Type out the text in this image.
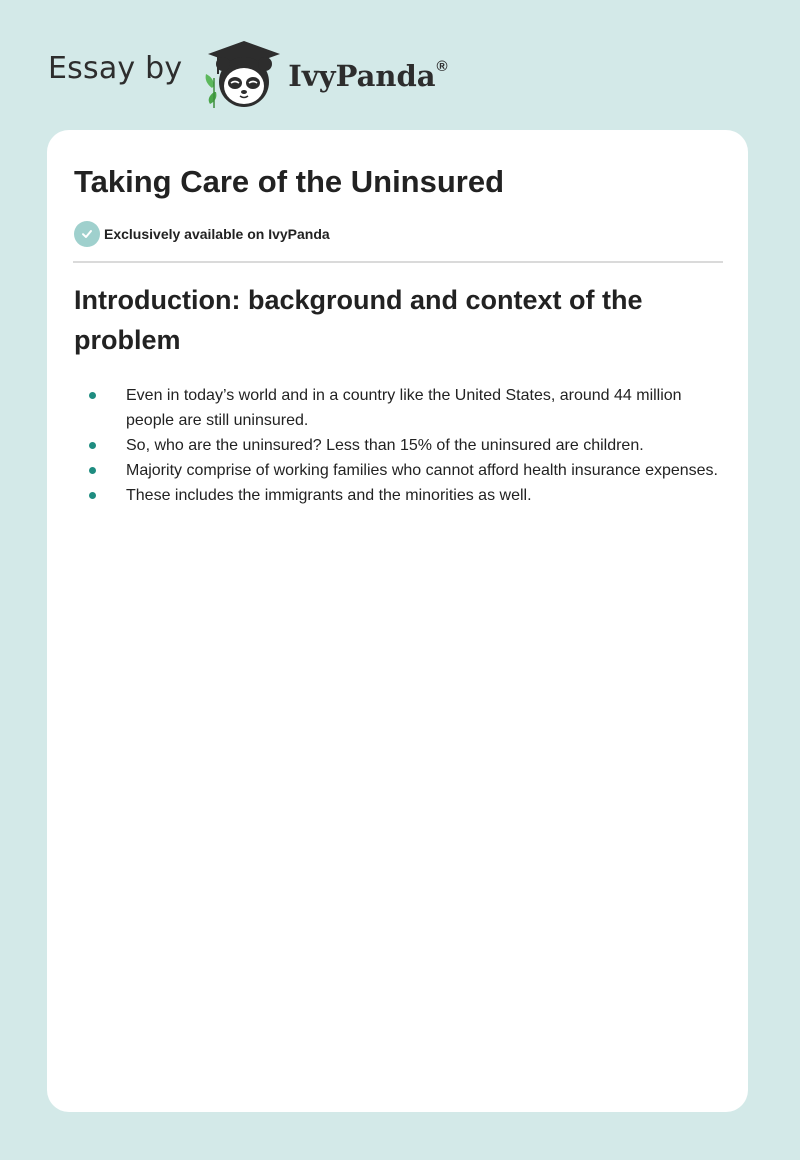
Essay by	IvyPanda®
Taking Care of the Uninsured
Exclusively available on IvyPanda
Introduction: background and context of the problem
Even in today’s world and in a country like the United States, around 44 million people are still uninsured.
So, who are the uninsured? Less than 15% of the uninsured are children.
Majority comprise of working families who cannot afford health insurance expenses.
These includes the immigrants and the minorities as well.
